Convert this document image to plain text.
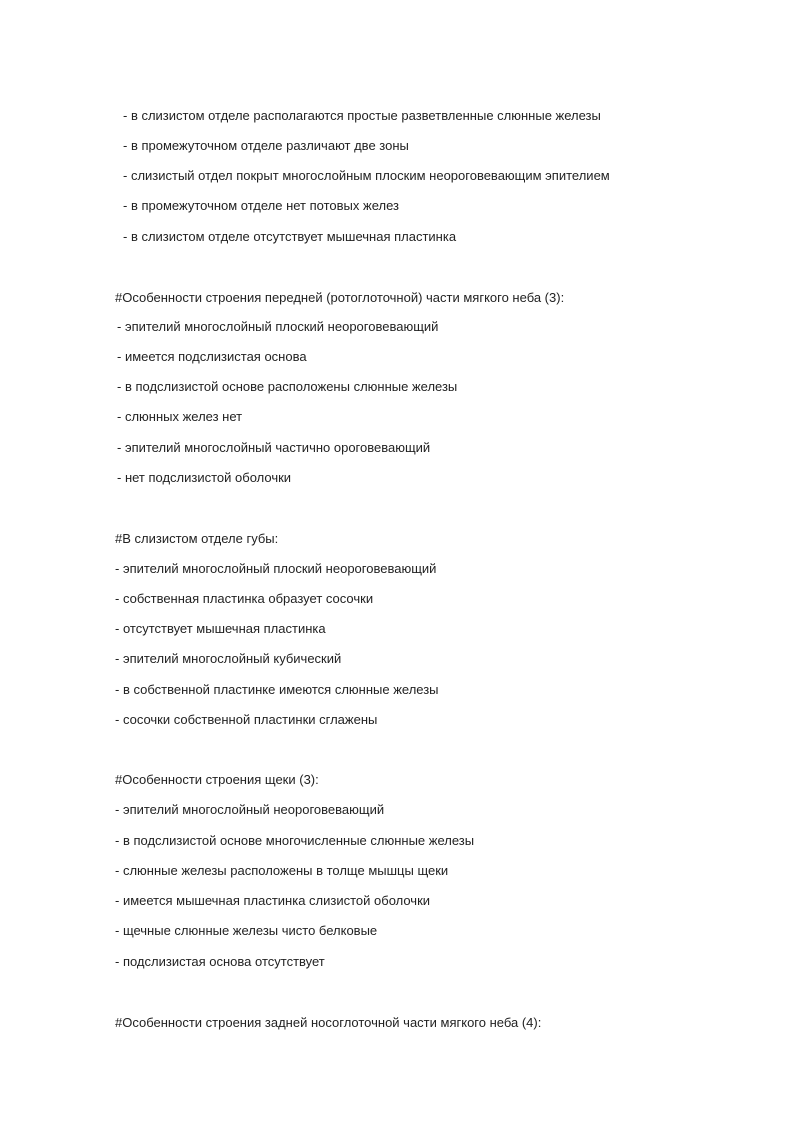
- в слизистом отделе располагаются простые разветвленные слюнные железы
- в промежуточном отделе различают две зоны
- слизистый отдел покрыт многослойным плоским неороговевающим эпителием
- в промежуточном отделе нет потовых желез
- в слизистом отделе отсутствует мышечная пластинка
#Особенности строения передней (ротоглоточной) части мягкого неба (3):
- эпителий многослойный плоский неороговевающий
- имеется подслизистая основа
- в подслизистой основе расположены слюнные железы
- слюнных желез нет
- эпителий многослойный частично ороговевающий
- нет подслизистой оболочки
#В слизистом отделе губы:
- эпителий многослойный плоский неороговевающий
- собственная пластинка образует сосочки
- отсутствует мышечная пластинка
- эпителий многослойный кубический
- в собственной пластинке имеются слюнные железы
- сосочки собственной пластинки сглажены
#Особенности строения щеки (3):
- эпителий многослойный неороговевающий
- в подслизистой основе многочисленные слюнные железы
- слюнные железы расположены в толще мышцы щеки
- имеется мышечная пластинка слизистой оболочки
- щечные слюнные железы чисто белковые
- подслизистая основа отсутствует
#Особенности строения задней носоглоточной части мягкого неба (4):
